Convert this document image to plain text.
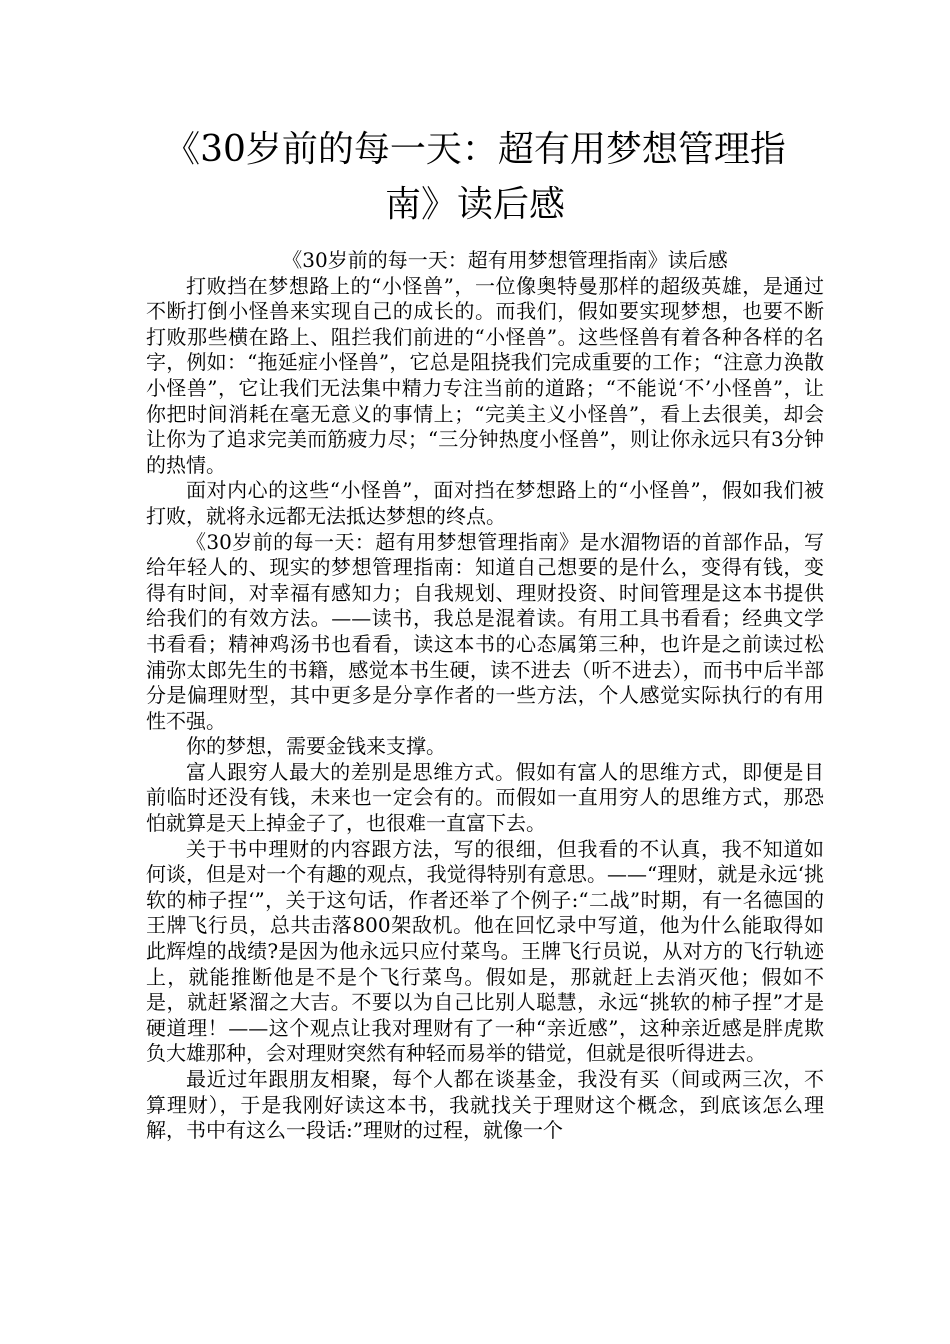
《30岁前的每一天：超有用梦想管理指南》读后感

《30岁前的每一天：超有用梦想管理指南》读后感

打败挡在梦想路上的“小怪兽”，一位像奥特曼那样的超级英雄，是通过不断打倒小怪兽来实现自己的成长的。而我们，假如要实现梦想，也要不断打败那些横在路上、阻拦我们前进的“小怪兽”。这些怪兽有着各种各样的名字，例如：“拖延症小怪兽”，它总是阻挠我们完成重要的工作；“注意力涣散小怪兽”，它让我们无法集中精力专注当前的道路；“不能说‘不’小怪兽”，让你把时间消耗在毫无意义的事情上；“完美主义小怪兽”，看上去很美，却会让你为了追求完美而筋疲力尽；“三分钟热度小怪兽”，则让你永远只有3分钟的热情。

面对内心的这些“小怪兽”，面对挡在梦想路上的“小怪兽”，假如我们被打败，就将永远都无法抵达梦想的终点。

《30岁前的每一天：超有用梦想管理指南》是水湄物语的首部作品，写给年轻人的、现实的梦想管理指南：知道自己想要的是什么，变得有钱，变得有时间，对幸福有感知力；自我规划、理财投资、时间管理是这本书提供给我们的有效方法。——读书，我总是混着读。有用工具书看看；经典文学书看看；精神鸡汤书也看看，读这本书的心态属第三种，也许是之前读过松浦弥太郎先生的书籍，感觉本书生硬，读不进去（听不进去），而书中后半部分是偏理财型，其中更多是分享作者的一些方法，个人感觉实际执行的有用性不强。

你的梦想，需要金钱来支撑。

富人跟穷人最大的差别是思维方式。假如有富人的思维方式，即便是目前临时还没有钱，未来也一定会有的。而假如一直用穷人的思维方式，那恐怕就算是天上掉金子了，也很难一直富下去。

关于书中理财的内容跟方法，写的很细，但我看的不认真，我不知道如何谈，但是对一个有趣的观点，我觉得特别有意思。——“理财，就是永远‘挑软的柿子捏‘”，关于这句话，作者还举了个例子:“二战”时期，有一名德国的王牌飞行员，总共击落800架敌机。他在回忆录中写道，他为什么能取得如此辉煌的战绩?是因为他永远只应付菜鸟。王牌飞行员说，从对方的飞行轨迹上，就能推断他是不是个飞行菜鸟。假如是，那就赶上去消灭他；假如不是，就赶紧溜之大吉。不要以为自己比别人聪慧，永远“挑软的柿子捏”才是硬道理！——这个观点让我对理财有了一种“亲近感”，这种亲近感是胖虎欺负大雄那种，会对理财突然有种轻而易举的错觉，但就是很听得进去。

最近过年跟朋友相聚，每个人都在谈基金，我没有买（间或两三次，不算理财），于是我刚好读这本书，我就找关于理财这个概念，到底该怎么理解，书中有这么一段话:”理财的过程，就像一个
